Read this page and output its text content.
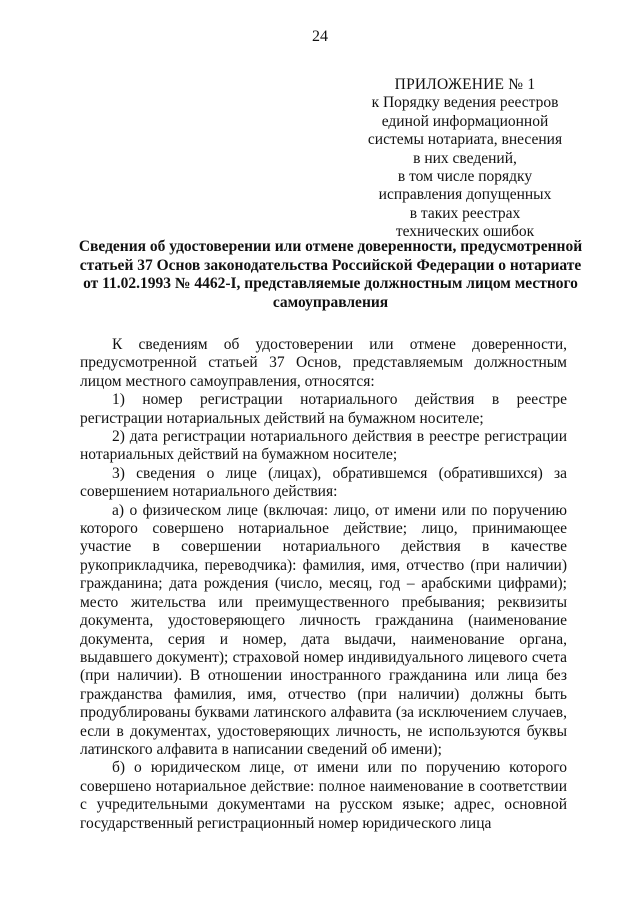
24
ПРИЛОЖЕНИЕ № 1
к Порядку ведения реестров
единой информационной
системы нотариата, внесения
в них сведений,
в том числе порядку
исправления допущенных
в таких реестрах
технических ошибок
Сведения об удостоверении или отмене доверенности, предусмотренной статьей 37 Основ законодательства Российской Федерации о нотариате от 11.02.1993 № 4462-I, представляемые должностным лицом местного самоуправления

К сведениям об удостоверении или отмене доверенности, предусмотренной статьей 37 Основ, представляемым должностным лицом местного самоуправления, относятся:

1) номер регистрации нотариального действия в реестре регистрации нотариальных действий на бумажном носителе;

2) дата регистрации нотариального действия в реестре регистрации нотариальных действий на бумажном носителе;

3) сведения о лице (лицах), обратившемся (обратившихся) за совершением нотариального действия:

а) о физическом лице (включая: лицо, от имени или по поручению которого совершено нотариальное действие; лицо, принимающее участие в совершении нотариального действия в качестве рукоприкладчика, переводчика): фамилия, имя, отчество (при наличии) гражданина; дата рождения (число, месяц, год – арабскими цифрами); место жительства или преимущественного пребывания; реквизиты документа, удостоверяющего личность гражданина (наименование документа, серия и номер, дата выдачи, наименование органа, выдавшего документ); страховой номер индивидуального лицевого счета (при наличии). В отношении иностранного гражданина или лица без гражданства фамилия, имя, отчество (при наличии) должны быть продублированы буквами латинского алфавита (за исключением случаев, если в документах, удостоверяющих личность, не используются буквы латинского алфавита в написании сведений об имени);

б) о юридическом лице, от имени или по поручению которого совершено нотариальное действие: полное наименование в соответствии с учредительными документами на русском языке; адрес, основной государственный регистрационный номер юридического лица
